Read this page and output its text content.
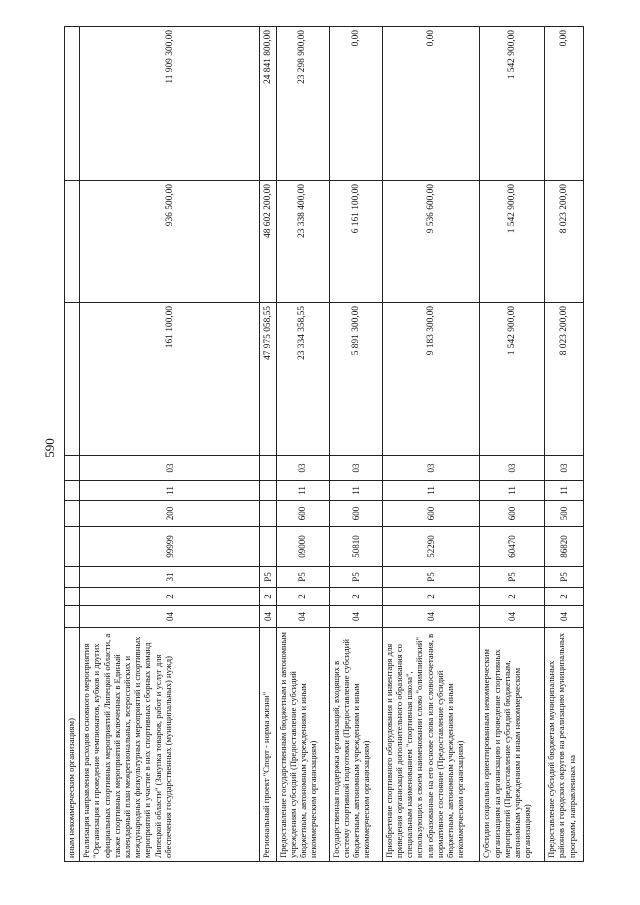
590
иным некоммерческим организациям)										
Реализация направления расходов основного мероприятия "Организация и проведение чемпионатов, кубков и других официальных спортивных мероприятий Липецкой области, а также спортивных мероприятий включенных в Единый календарный план межрегиональных, всероссийских и международных физкультурных мероприятий и спортивных мероприятий и участие в них спортивных сборных команд Липецкой области" (Закупка товаров, работ и услуг для обеспечения государственных (муниципальных) нужд)	04	2	31	99999	200	11	03	161 100,00	936 500,00	11 909 300,00
Региональный проект "Спорт - норма жизни"	04	2	P5					47 975 058,55	48 602 200,00	24 841 800,00
Предоставление государственным бюджетным и автономным учреждениям субсидий (Предоставление субсидий бюджетным, автономным учреждениям и иным некоммерческим организациям)	04	2	P5	09000	600	11	03	23 334 358,55	23 338 400,00	23 298 900,00
Государственная поддержка организаций, входящих в систему спортивной подготовки (Предоставление субсидий бюджетным, автономным учреждениям и иным некоммерческим организациям)	04	2	P5	50810	600	11	03	5 891 300,00	6 161 100,00	0,00
Приобретение спортивного оборудования и инвентаря для приведения организаций дополнительного образования со специальным наименованием "спортивная школа", использующих в своем наименовании слово "олимпийский" или образованные на его основе слова или словосочетания, в нормативное состояние (Предоставление субсидий бюджетным, автономным учреждениям и иным некоммерческим организациям)	04	2	P5	52290	600	11	03	9 183 300,00	9 536 600,00	0,00
Субсидии социально ориентированным некоммерческим организациям на организацию и проведение спортивных мероприятий (Предоставление субсидий бюджетным, автономным учреждениям и иным некоммерческим организациям)	04	2	P5	60470	600	11	03	1 542 900,00	1 542 900,00	1 542 900,00
Предоставление субсидий бюджетам муниципальных районов и городских округов на реализацию муниципальных программ, направленных на	04	2	P5	86820	500	11	03	8 023 200,00	8 023 200,00	0,00
